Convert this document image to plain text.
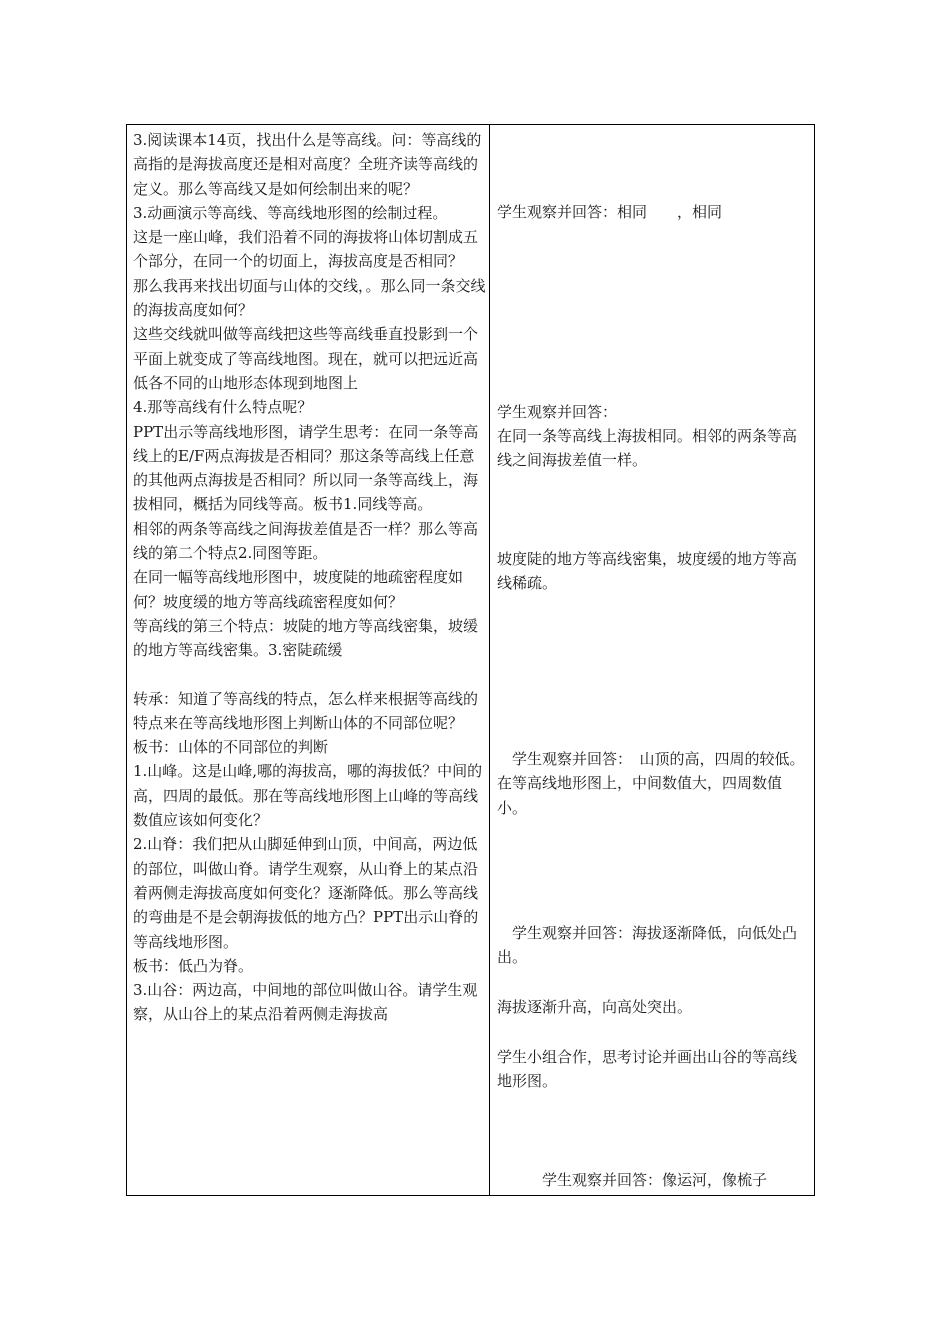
3.阅读课本14页，找出什么是等高线。问：等高线的高指的是海拔高度还是相对高度？全班齐读等高线的定义。那么等高线又是如何绘制出来的呢？

3.动画演示等高线、等高线地形图的绘制过程。

这是一座山峰，我们沿着不同的海拔将山体切割成五个部分，在同一个的切面上，海拔高度是否相同？

那么我再来找出切面与山体的交线，。那么同一条交线的海拔高度如何？

这些交线就叫做等高线把这些等高线垂直投影到一个平面上就变成了等高线地图。现在，就可以把远近高低各不同的山地形态体现到地图上

4.那等高线有什么特点呢？

PPT出示等高线地形图，请学生思考：在同一条等高线上的E/F两点海拔是否相同？那这条等高线上任意的其他两点海拔是否相同？所以同一条等高线上，海拔相同，概括为同线等高。板书1.同线等高。

相邻的两条等高线之间海拔差值是否一样？那么等高线的第二个特点2.同图等距。

在同一幅等高线地形图中，坡度陡的地疏密程度如何？坡度缓的地方等高线疏密程度如何？

等高线的第三个特点：坡陡的地方等高线密集，坡缓的地方等高线密集。3.密陡疏缓

转承：知道了等高线的特点，怎么样来根据等高线的特点来在等高线地形图上判断山体的不同部位呢？

板书：山体的不同部位的判断

1.山峰。这是山峰,哪的海拔高，哪的海拔低？中间的高，四周的最低。那在等高线地形图上山峰的等高线数值应该如何变化？

2.山脊：我们把从山脚延伸到山顶，中间高，两边低的部位，叫做山脊。请学生观察，从山脊上的某点沿着两侧走海拔高度如何变化？逐渐降低。那么等高线的弯曲是不是会朝海拔低的地方凸？PPT出示山脊的等高线地形图。

板书：低凸为脊。

3.山谷：两边高，中间地的部位叫做山谷。请学生观察，从山谷上的某点沿着两侧走海拔高

学生观察并回答：相同　　，相同

学生观察并回答：

在同一条等高线上海拔相同。相邻的两条等高线之间海拔差值一样。

坡度陡的地方等高线密集，坡度缓的地方等高线稀疏。

　学生观察并回答：　山顶的高，四周的较低。在等高线地形图上，中间数值大，四周数值小。

　学生观察并回答：海拔逐渐降低，向低处凸出。

海拔逐渐升高，向高处突出。

学生小组合作，思考讨论并画出山谷的等高线地形图。

　　　学生观察并回答：像运河，像梳子
